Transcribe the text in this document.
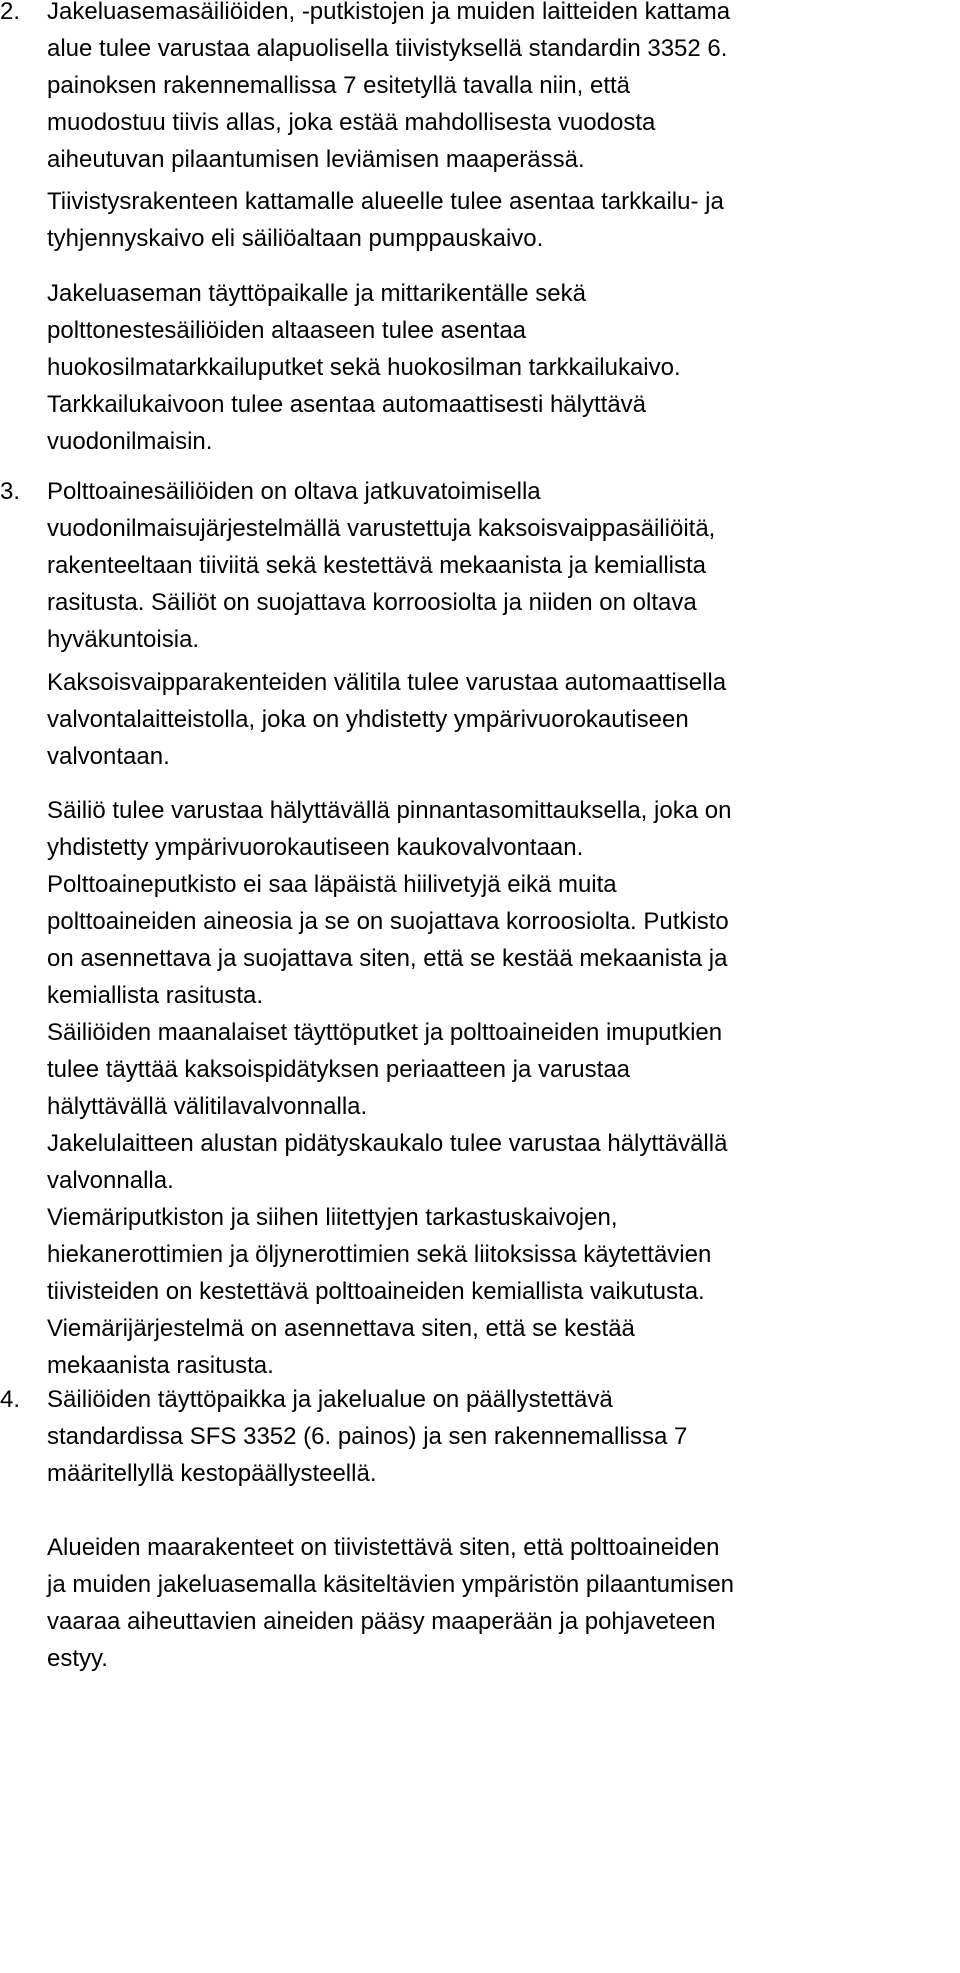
2. Jakeluasemasäiliöiden, -putkistojen ja muiden laitteiden kattama
alue tulee varustaa alapuolisella tiivistyksellä standardin 3352 6.
painoksen rakennemallissa 7 esitetyllä tavalla niin, että
muodostuu tiivis allas, joka estää mahdollisesta vuodosta
aiheutuvan pilaantumisen leviämisen maaperässä.
Tiivistysrakenteen kattamalle alueelle tulee asentaa tarkkailu- ja
tyhjennyskaivo eli säiliöaltaan pumppauskaivo.
Jakeluaseman täyttöpaikalle ja mittarikentälle sekä
polttonestesäiliöiden altaaseen tulee asentaa
huokosilmatarkkailuputket sekä huokosilman tarkkailukaivo.
Tarkkailukaivoon tulee asentaa automaattisesti hälyttävä
vuodonilmaisin.
3. Polttoainesäiliöiden on oltava jatkuvatoimisella
vuodonilmaisujärjestelmällä varustettuja kaksoisvaippasäiliöitä,
rakenteeltaan tiiviitä sekä kestettävä mekaanista ja kemiallista
rasitusta. Säiliöt on suojattava korroosiolta ja niiden on oltava
hyväkuntoisia.
Kaksoisvaipparakenteiden välitila tulee varustaa automaattisella
valvontalaitteistolla, joka on yhdistetty ympärivuorokautiseen
valvontaan.
Säiliö tulee varustaa hälyttävällä pinnantasomittauksella, joka on
yhdistetty ympärivuorokautiseen kaukovalvontaan.
Polttoaineputkisto ei saa läpäistä hiilivetyjä eikä muita
polttoaineiden aineosia ja se on suojattava korroosiolta. Putkisto
on asennettava ja suojattava siten, että se kestää mekaanista ja
kemiallista rasitusta.
Säiliöiden maanalaiset täyttöputket ja polttoaineiden imuputkien
tulee täyttää kaksoispidätyksen periaatteen ja varustaa
hälyttävällä välitilavalvonnalla.
Jakelulaitteen alustan pidätyskaukalo tulee varustaa hälyttävällä
valvonnalla.
Viemäriputkiston ja siihen liitettyjen tarkastuskaivojen,
hiekanerottimien ja öljynerottimien sekä liitoksissa käytettävien
tiivisteiden on kestettävä polttoaineiden kemiallista vaikutusta.
Viemärijärjestelmä on asennettava siten, että se kestää
mekaanista rasitusta.
4. Säiliöiden täyttöpaikka ja jakelualue on päällystettävä
standardissa SFS 3352 (6. painos) ja sen rakennemallissa 7
määritellyllä kestopäällysteellä.
Alueiden maarakenteet on tiivistettävä siten, että polttoaineiden
ja muiden jakeluasemalla käsiteltävien ympäristön pilaantumisen
vaaraa aiheuttavien aineiden pääsy maaperään ja pohjaveteen
estyy.
